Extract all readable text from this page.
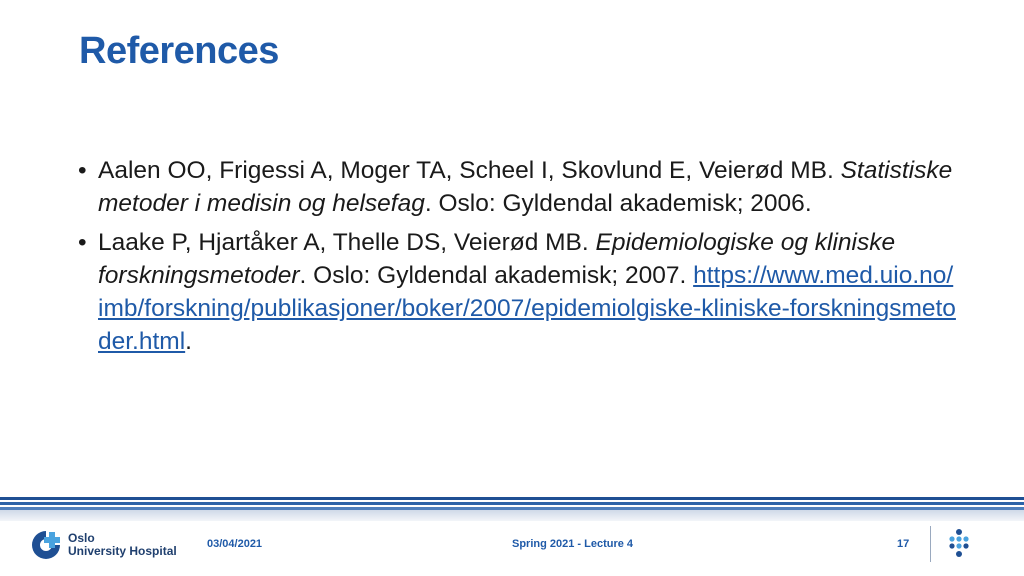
References
• Aalen OO, Frigessi A, Moger TA, Scheel I, Skovlund E, Veierød MB. Statistiske metoder i medisin og helsefag. Oslo: Gyldendal akademisk; 2006.
• Laake P, Hjartåker A, Thelle DS, Veierød MB. Epidemiologiske og kliniske forskningsmetoder. Oslo: Gyldendal akademisk; 2007. https://www.med.uio.no/imb/forskning/publikasjoner/boker/2007/epidemiolgiske-kliniske-forskningsmetoder.html.
Oslo
University Hospital	03/04/2021	Spring 2021 - Lecture 4	17
